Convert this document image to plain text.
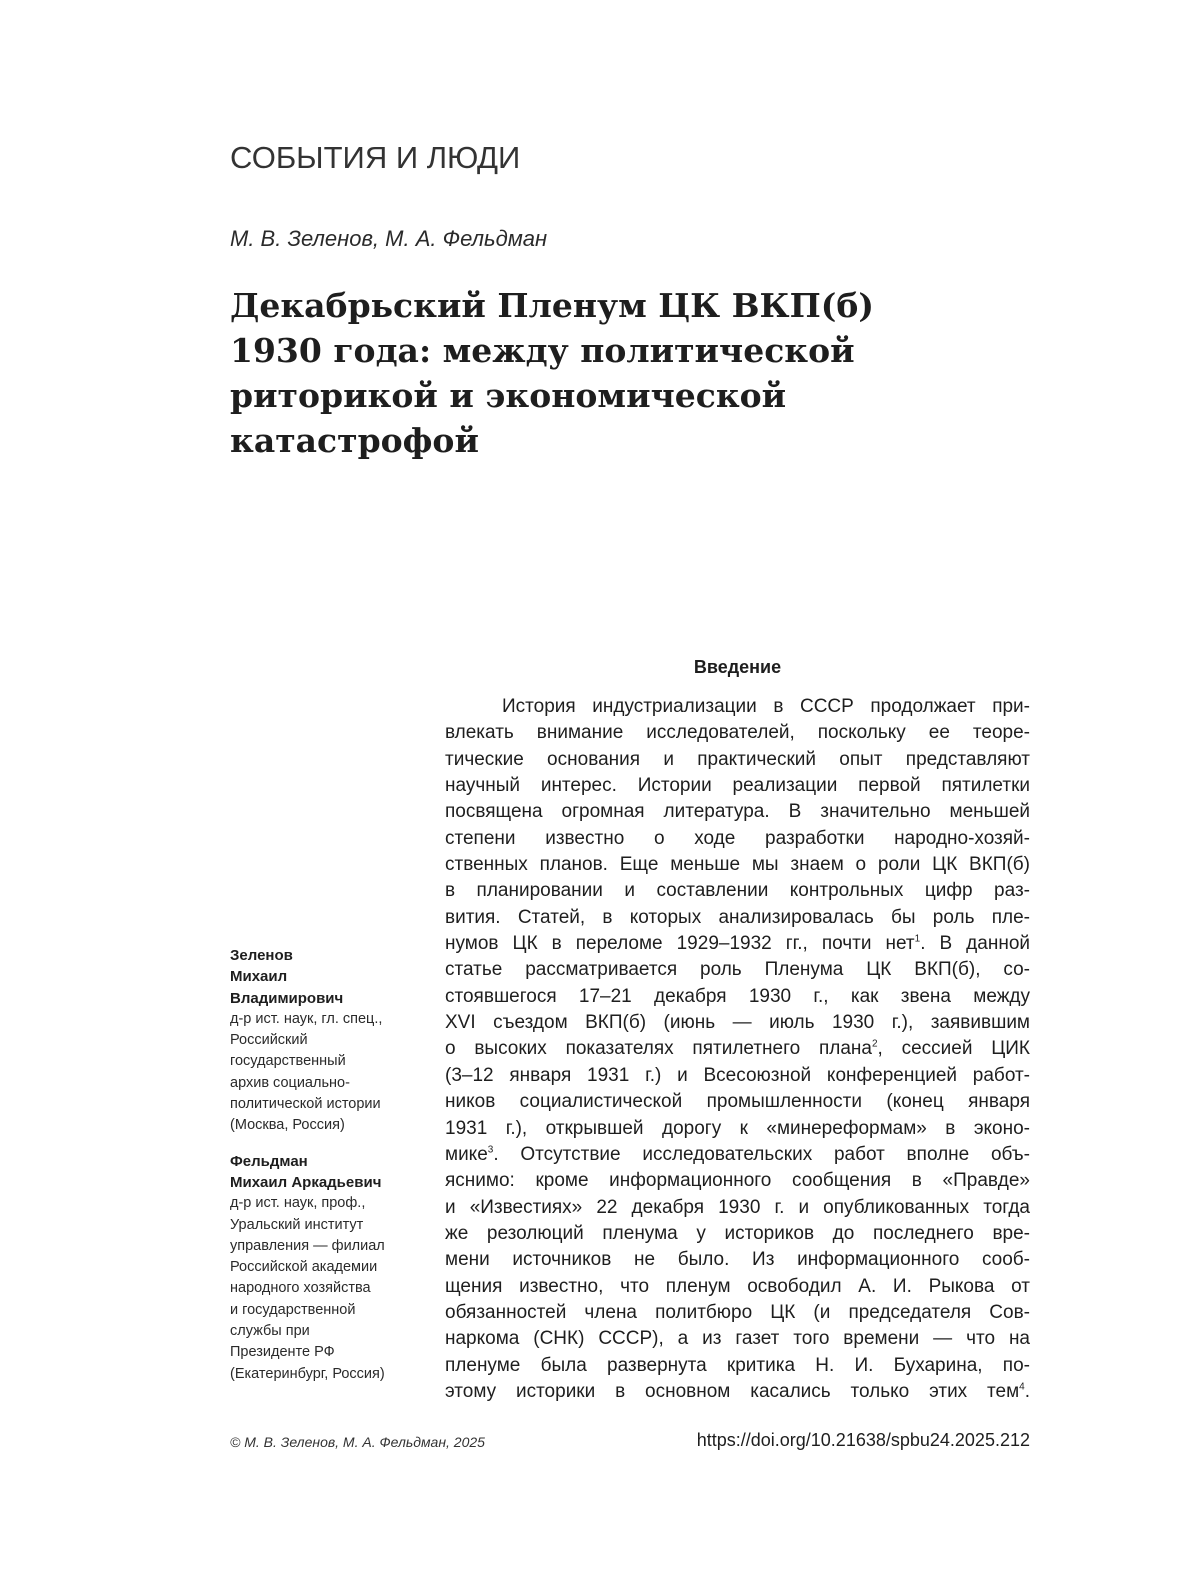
СОБЫТИЯ И ЛЮДИ
М. В. Зеленов, М. А. Фельдман
Декабрьский Пленум ЦК ВКП(б)
1930 года: между политической
риторикой и экономической
катастрофой
Зеленов
Михаил
Владимирович
д-р ист. наук, гл. спец.,
Российский
государственный
архив социально-
политической истории
(Москва, Россия)
Фельдман
Михаил Аркадьевич
д-р ист. наук, проф.,
Уральский институт
управления — филиал
Российской академии
народного хозяйства
и государственной
службы при
Президенте РФ
(Екатеринбург, Россия)
Введение
История индустриализации в СССР продолжает при-
влекать внимание исследователей, поскольку ее теоре-
тические основания и практический опыт представляют
научный интерес. Истории реализации первой пятилетки
посвящена огромная литература. В значительно меньшей
степени известно о ходе разработки народно-хозяй-
ственных планов. Еще меньше мы знаем о роли ЦК ВКП(б)
в планировании и составлении контрольных цифр раз-
вития. Статей, в которых анализировалась бы роль пле-
нумов ЦК в переломе 1929–1932 гг., почти нет$^1$. В данной
статье рассматривается роль Пленума ЦК ВКП(б), со-
стоявшегося 17–21 декабря 1930 г., как звена между
XVI съездом ВКП(б) (июнь — июль 1930 г.), заявившим
о высоких показателях пятилетнего плана$^2$, сессией ЦИК
(3–12 января 1931 г.) и Всесоюзной конференцией работ-
ников социалистической промышленности (конец января
1931 г.), открывшей дорогу к «минереформам» в эконо-
мике$^3$. Отсутствие исследовательских работ вполне объ-
яснимо: кроме информационного сообщения в «Правде»
и «Известиях» 22 декабря 1930 г. и опубликованных тогда
же резолюций пленума у историков до последнего вре-
мени источников не было. Из информационного сооб-
щения известно, что пленум освободил А. И. Рыкова от
обязанностей члена политбюро ЦК (и председателя Сов-
наркома (СНК) СССР), а из газет того времени — что на
пленуме была развернута критика Н. И. Бухарина, по-
этому историки в основном касались только этих тем$^4$.
© М. В. Зеленов, М. А. Фельдман, 2025	https://doi.org/10.21638/spbu24.2025.212
